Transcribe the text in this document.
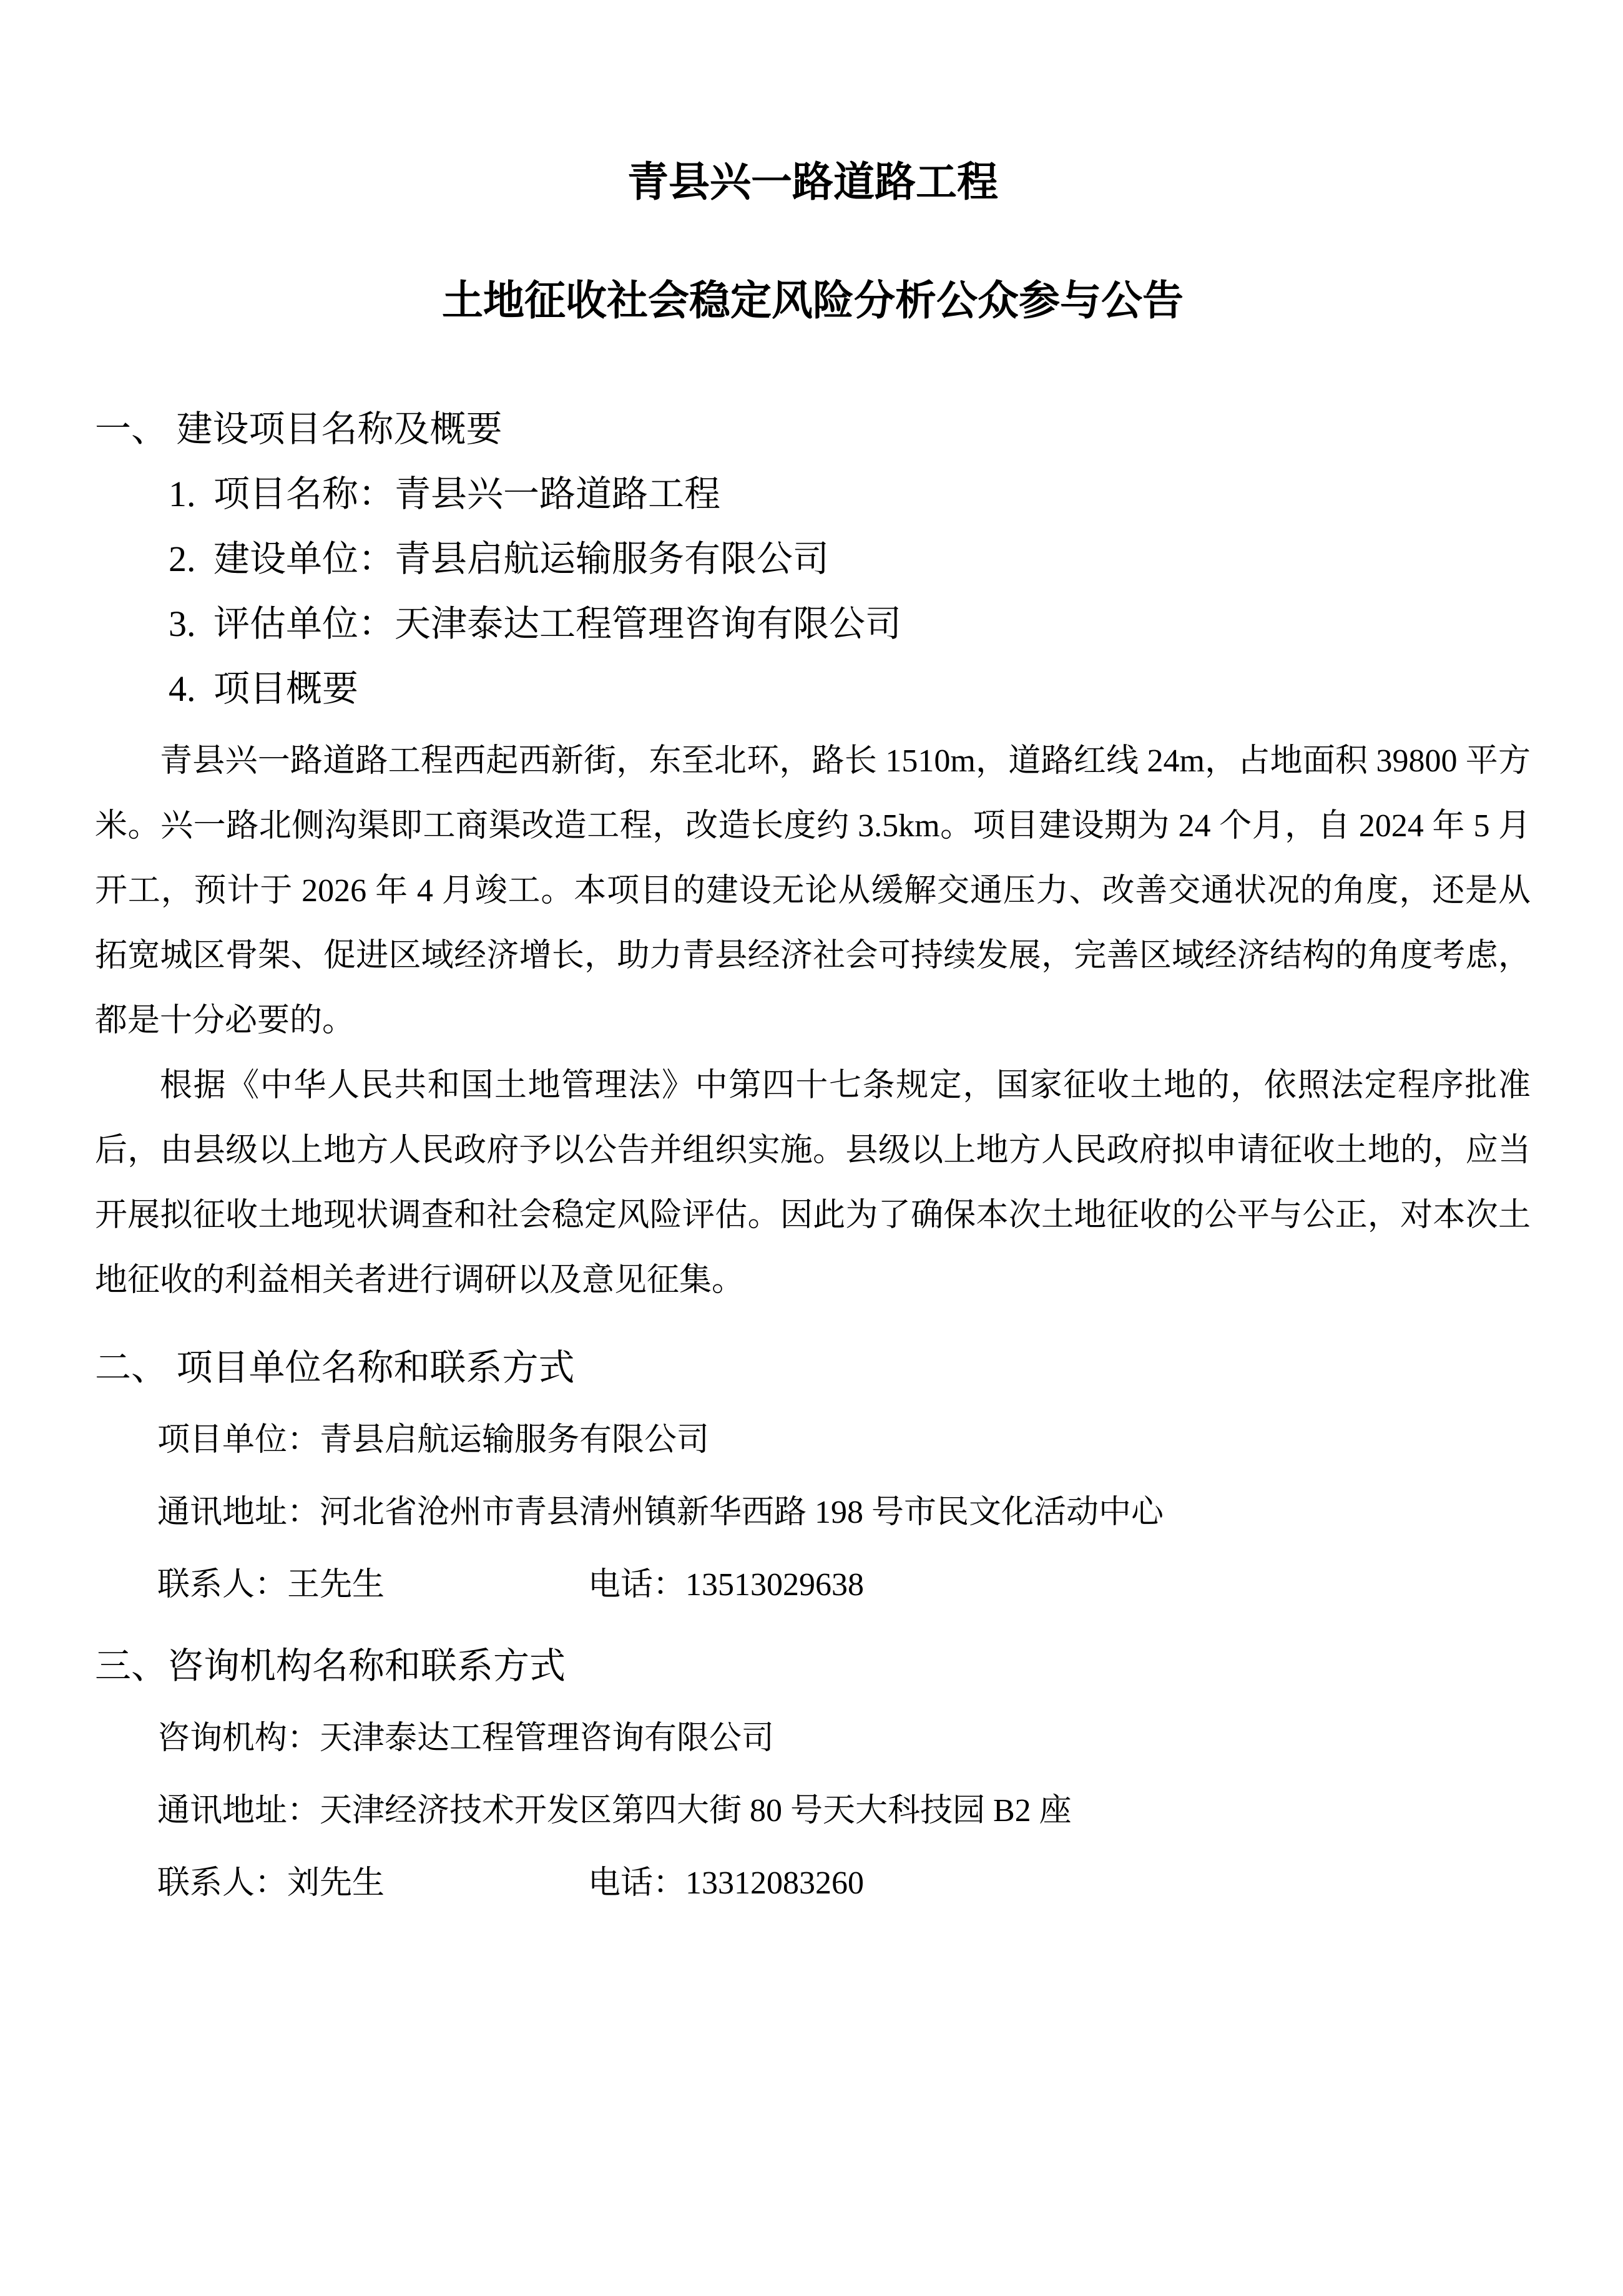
青县兴一路道路工程
土地征收社会稳定风险分析公众参与公告
一、 建设项目名称及概要
1. 项目名称：青县兴一路道路工程
2. 建设单位：青县启航运输服务有限公司
3. 评估单位：天津泰达工程管理咨询有限公司
4. 项目概要

青县兴一路道路工程西起西新街，东至北环，路长 1510m，道路红线 24m，占地面积 39800 平方米。兴一路北侧沟渠即工商渠改造工程，改造长度约 3.5km。项目建设期为 24 个月，自 2024 年 5 月开工，预计于 2026 年 4 月竣工。本项目的建设无论从缓解交通压力、改善交通状况的角度，还是从拓宽城区骨架、促进区域经济增长，助力青县经济社会可持续发展，完善区域经济结构的角度考虑，都是十分必要的。

根据《中华人民共和国土地管理法》中第四十七条规定，国家征收土地的，依照法定程序批准后，由县级以上地方人民政府予以公告并组织实施。县级以上地方人民政府拟申请征收土地的，应当开展拟征收土地现状调查和社会稳定风险评估。因此为了确保本次土地征收的公平与公正，对本次土地征收的利益相关者进行调研以及意见征集。

二、 项目单位名称和联系方式
项目单位：青县启航运输服务有限公司
通讯地址：河北省沧州市青县清州镇新华西路 198 号市民文化活动中心
联系人：王先生	电话：13513029638
三、咨询机构名称和联系方式
咨询机构：天津泰达工程管理咨询有限公司
通讯地址：天津经济技术开发区第四大街 80 号天大科技园 B2 座
联系人：刘先生	电话：13312083260
